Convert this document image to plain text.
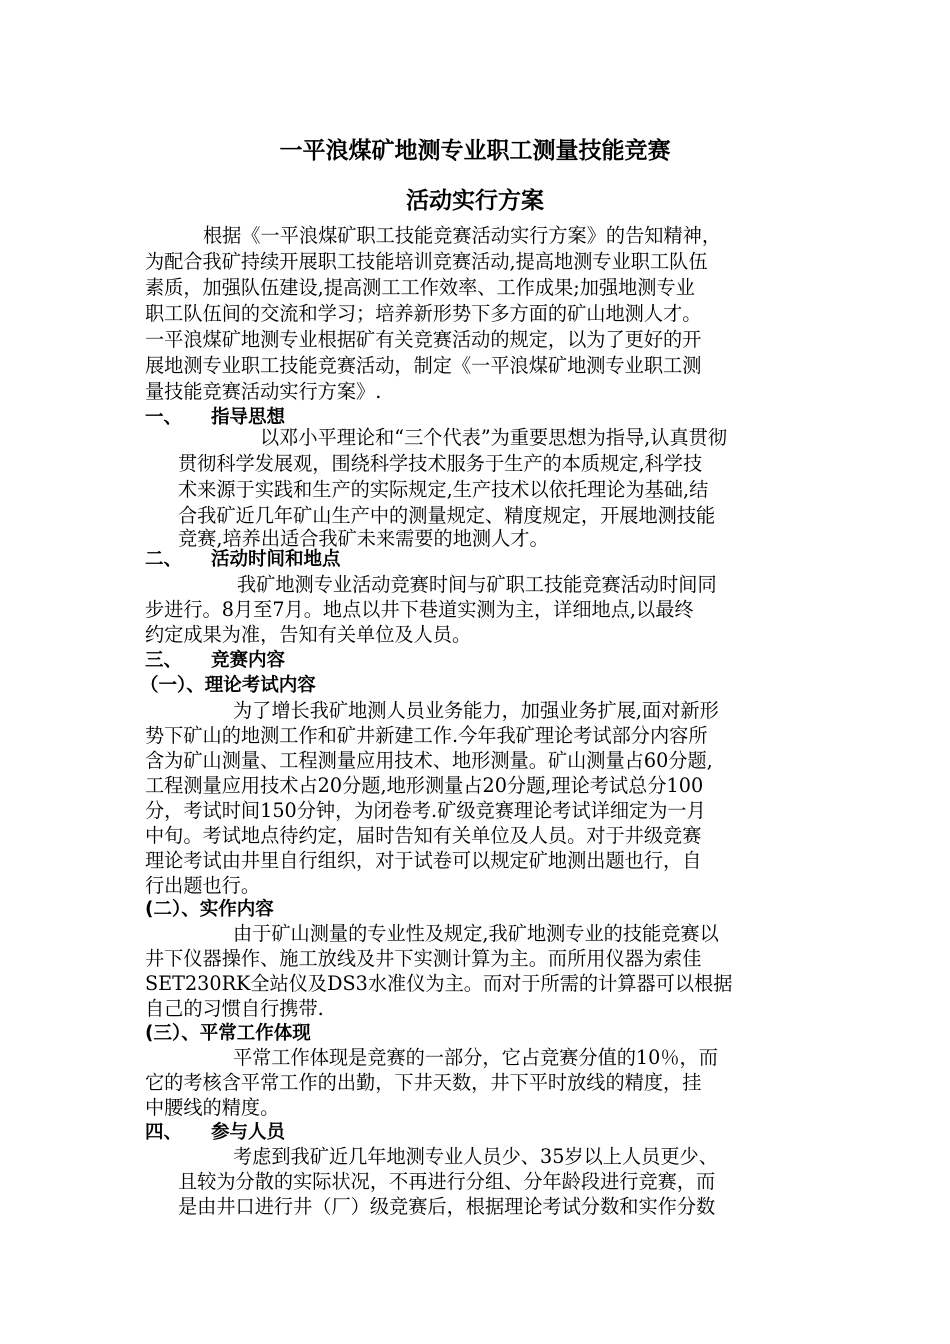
一平浪煤矿地测专业职工测量技能竞赛
活动实行方案
根据《一平浪煤矿职工技能竞赛活动实行方案》的告知精神，
为配合我矿持续开展职工技能培训竞赛活动,提高地测专业职工队伍
素质，加强队伍建设,提高测工工作效率、工作成果;加强地测专业
职工队伍间的交流和学习；培养新形势下多方面的矿山地测人才。
一平浪煤矿地测专业根据矿有关竞赛活动的规定，以为了更好的开
展地测专业职工技能竞赛活动，制定《一平浪煤矿地测专业职工测
量技能竞赛活动实行方案》.
一、 指导思想
以邓小平理论和“三个代表”为重要思想为指导,认真贯彻
贯彻科学发展观，围绕科学技术服务于生产的本质规定,科学技
术来源于实践和生产的实际规定,生产技术以依托理论为基础,结
合我矿近几年矿山生产中的测量规定、精度规定，开展地测技能
竞赛,培养出适合我矿未来需要的地测人才。
二、 活动时间和地点
我矿地测专业活动竞赛时间与矿职工技能竞赛活动时间同
步进行。8月至7月。地点以井下巷道实测为主，详细地点,以最终
约定成果为准，告知有关单位及人员。
三、 竞赛内容
（一）、理论考试内容
为了增长我矿地测人员业务能力，加强业务扩展,面对新形
势下矿山的地测工作和矿井新建工作.今年我矿理论考试部分内容所
含为矿山测量、工程测量应用技术、地形测量。矿山测量占60分题,
工程测量应用技术占20分题,地形测量占20分题,理论考试总分100
分，考试时间150分钟，为闭卷考.矿级竞赛理论考试详细定为一月
中旬。考试地点待约定，届时告知有关单位及人员。对于井级竞赛
理论考试由井里自行组织，对于试卷可以规定矿地测出题也行，自
行出题也行。
(二）、实作内容
由于矿山测量的专业性及规定,我矿地测专业的技能竞赛以
井下仪器操作、施工放线及井下实测计算为主。而所用仪器为索佳
SET230RK全站仪及DS3水准仪为主。而对于所需的计算器可以根据
自己的习惯自行携带.
(三）、平常工作体现
平常工作体现是竞赛的一部分，它占竞赛分值的10％，而
它的考核含平常工作的出勤，下井天数，井下平时放线的精度，挂
中腰线的精度。
四、 参与人员
考虑到我矿近几年地测专业人员少、35岁以上人员更少、
且较为分散的实际状况，不再进行分组、分年龄段进行竞赛，而
是由井口进行井（厂）级竞赛后，根据理论考试分数和实作分数
